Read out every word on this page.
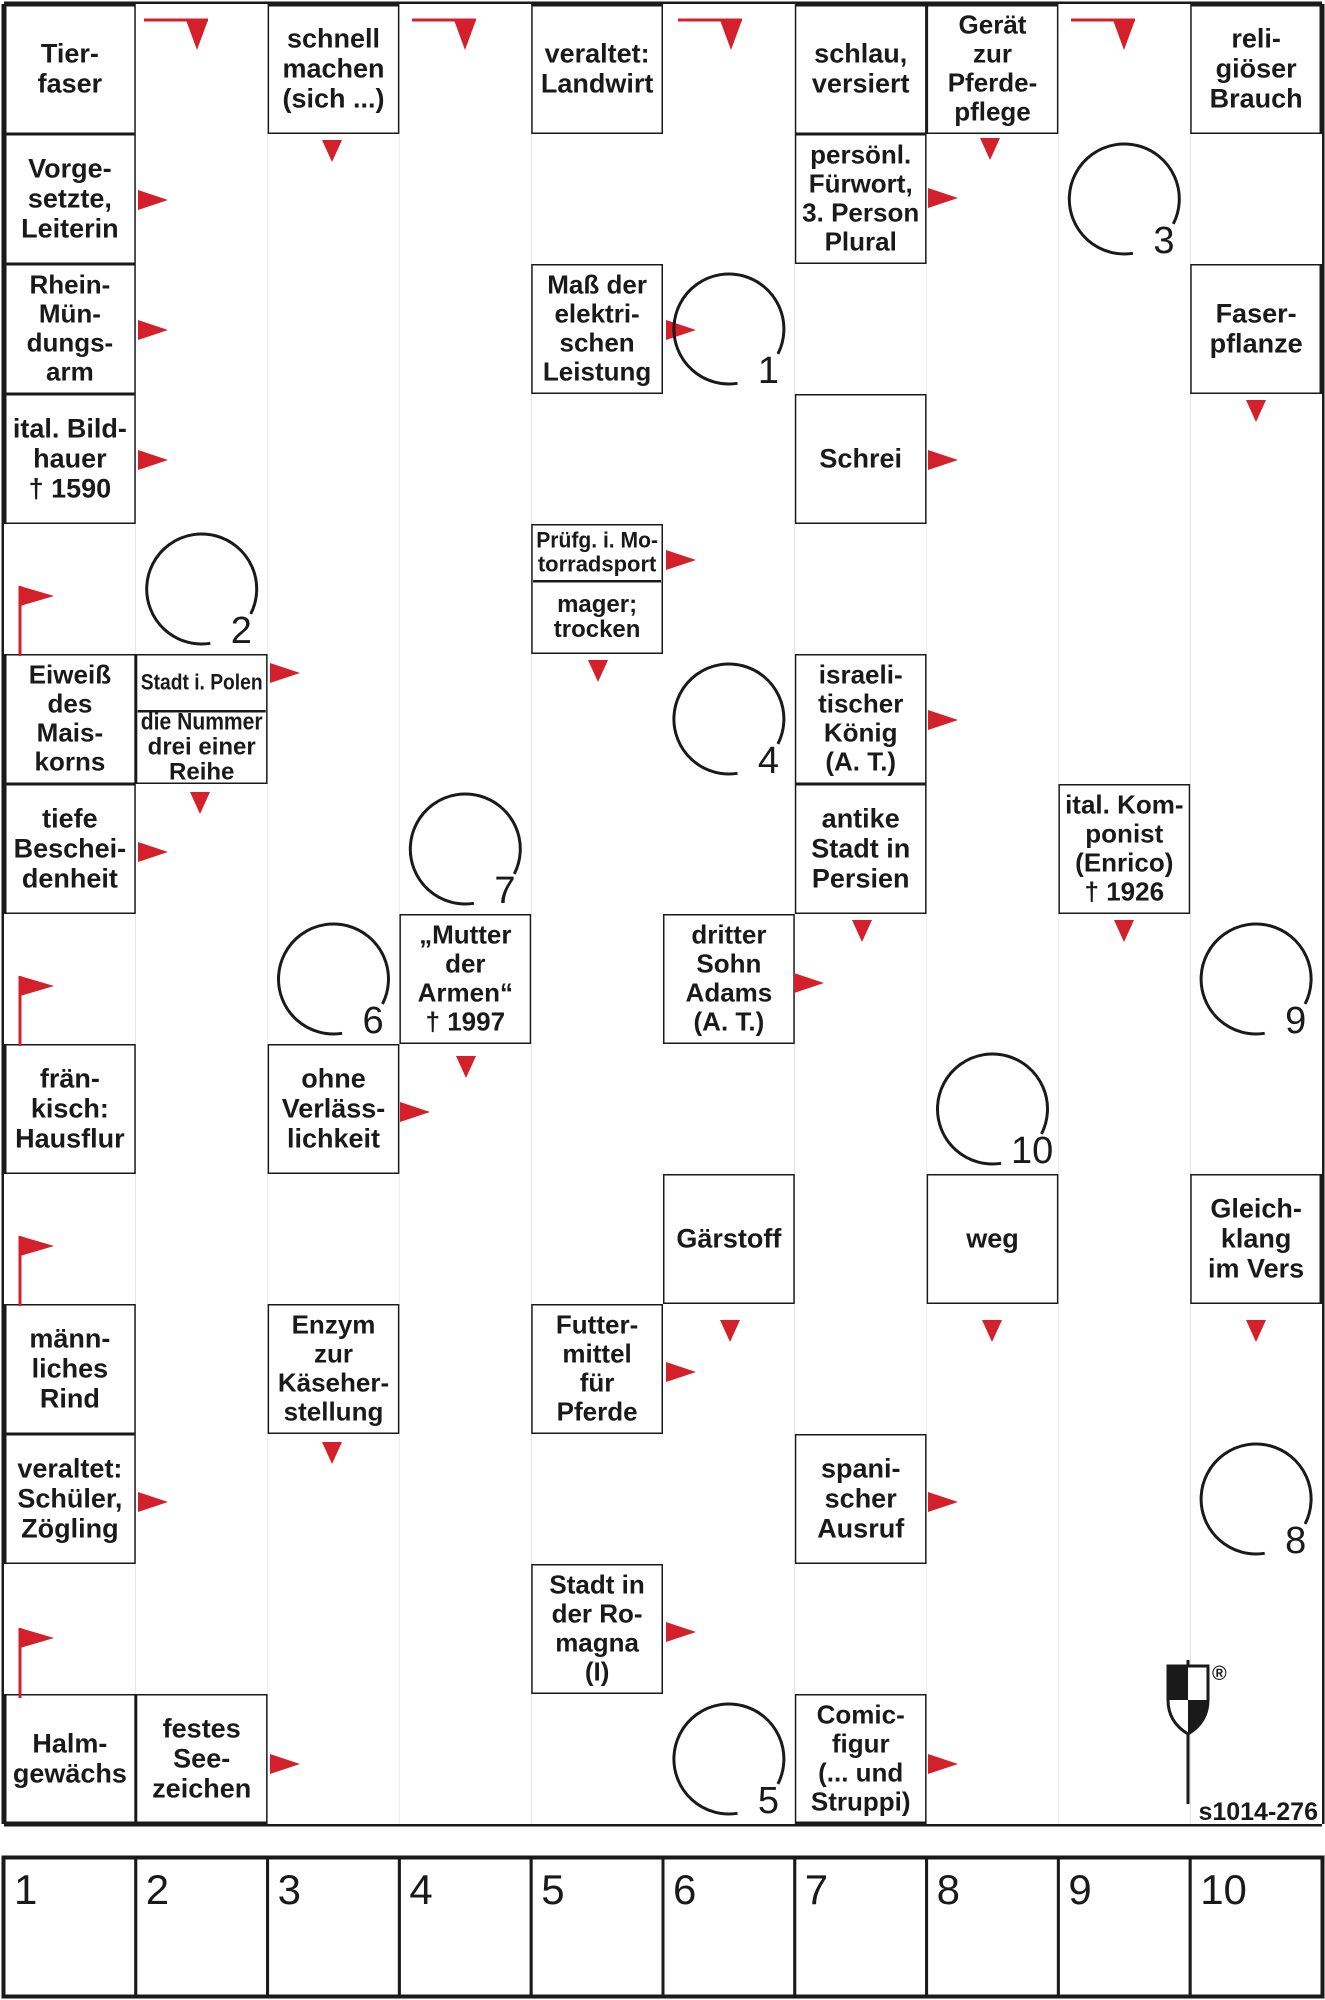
Tier-
faser
schnell
machen
(sich ...)
veraltet:
Landwirt
schlau,
versiert
Gerät
zur
Pferde-
pflege
reli-
giöser
Brauch
Vorge-
setzte,
Leiterin
persönl.
Fürwort,
3. Person
Plural
Rhein-
Mün-
dungs-
arm
Maß der
elektri-
schen
Leistung
Faser-
pflanze
ital. Bild-
hauer
† 1590
Schrei
Prüfg. i. Mo-
torradsport
mager;
trocken
Eiweiß
des
Mais-
korns
Stadt i. Polen
die Nummer
drei einer
Reihe
israeli-
tischer
König
(A. T.)
tiefe
Beschei-
denheit
antike
Stadt in
Persien
ital. Kom-
ponist
(Enrico)
† 1926
„Mutter
der
Armen“
† 1997
dritter
Sohn
Adams
(A. T.)
frän-
kisch:
Hausflur
ohne
Verläss-
lichkeit
Gärstoff	weg
Gleich-
klang
im Vers
männ-
liches
Rind
Enzym
zur
Käseher-
stellung
Futter-
mittel
für
Pferde
veraltet:
Schüler,
Zögling
spani-
scher
Ausruf
Stadt in
der Ro-
magna
(I)
Halm-
gewächs
festes
See-
zeichen
Comic-
figur
(... und
Struppi)
1
2
3
4
5
6
7
8
9
10
®
s1014-276
1	2	3	4	5	6	7	8	9	10
